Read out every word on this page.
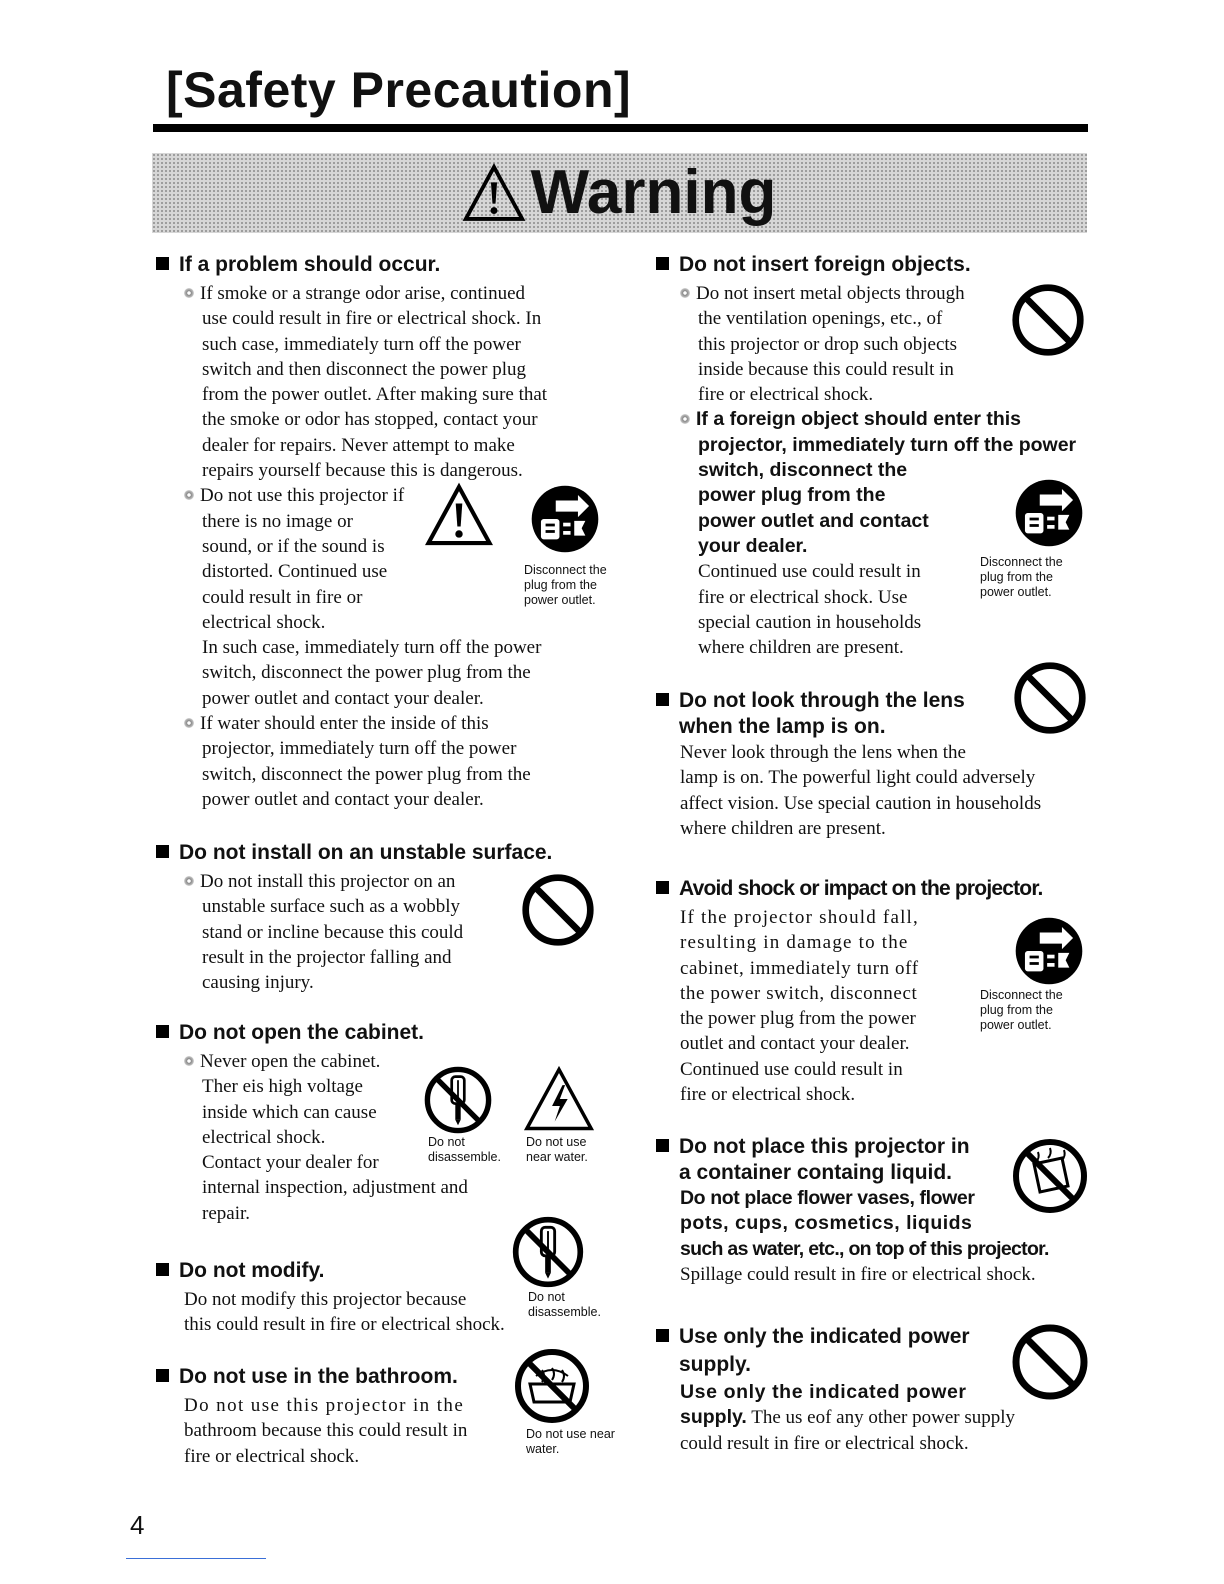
[Safety Precaution]
Warning
If a problem should occur.

If smoke or a strange odor arise, continued

use could result in fire or electrical shock. In

such case, immediately turn off the power

switch and then disconnect the power plug

from the power outlet. After making sure that

the smoke or odor has stopped, contact your

dealer for repairs. Never attempt to make

repairs yourself because this is dangerous.

Do not use this projector if

there is no image or

sound, or if the sound is

distorted. Continued use

could result in fire or

electrical shock.

In such case, immediately turn off the power

switch, disconnect the power plug from the

power outlet and contact your dealer.

If water should enter the inside of this

projector, immediately turn off the power

switch, disconnect the power plug from the

power outlet and contact your dealer.

Disconnect the
plug from the
power outlet.
Do not install on an unstable surface.

Do not install this projector on an

unstable surface such as a wobbly

stand or incline because this could

result in the projector falling and

causing injury.

Do not open the cabinet.

Never open the cabinet.

Ther eis high voltage

inside which can cause

electrical shock.

Contact your dealer for

internal inspection, adjustment and

repair.

Do not
disassemble.
Do not use
near water.
Do not modify.

Do not modify this projector because

this could result in fire or electrical shock.

Do not
disassemble.
Do not use in the bathroom.

Do not use this projector in the

bathroom because this could result in

fire or electrical shock.

Do not use near
water.
Do not insert foreign objects.

Do not insert metal objects through

the ventilation openings, etc., of

this projector or drop such objects

inside because this could result in

fire or electrical shock.

If a foreign object should enter this

projector, immediately turn off the power

switch, disconnect the

power plug from the

power outlet and contact

your dealer.

Continued use could result in

fire or electrical shock. Use

special caution in households

where children are present.

Disconnect the
plug from the
power outlet.
Do not look through the lens
when the lamp is on.

Never look through the lens when the

lamp is on. The powerful light could adversely

affect vision. Use special caution in households

where children are present.

Avoid shock or impact on the projector.

If the projector should fall,

resulting in damage to the

cabinet, immediately turn off

the power switch, disconnect

the power plug from the power

outlet and contact your dealer.

Continued use could result in

fire or electrical shock.

Disconnect the
plug from the
power outlet.
Do not place this projector in
a container containg liquid.

Do not place flower vases, flower

pots, cups, cosmetics, liquids

such as water, etc., on top of this projector.

Spillage could result in fire or electrical shock.

Use only the indicated power
supply.

Use only the indicated power

supply. The us eof any other power supply

could result in fire or electrical shock.

4
